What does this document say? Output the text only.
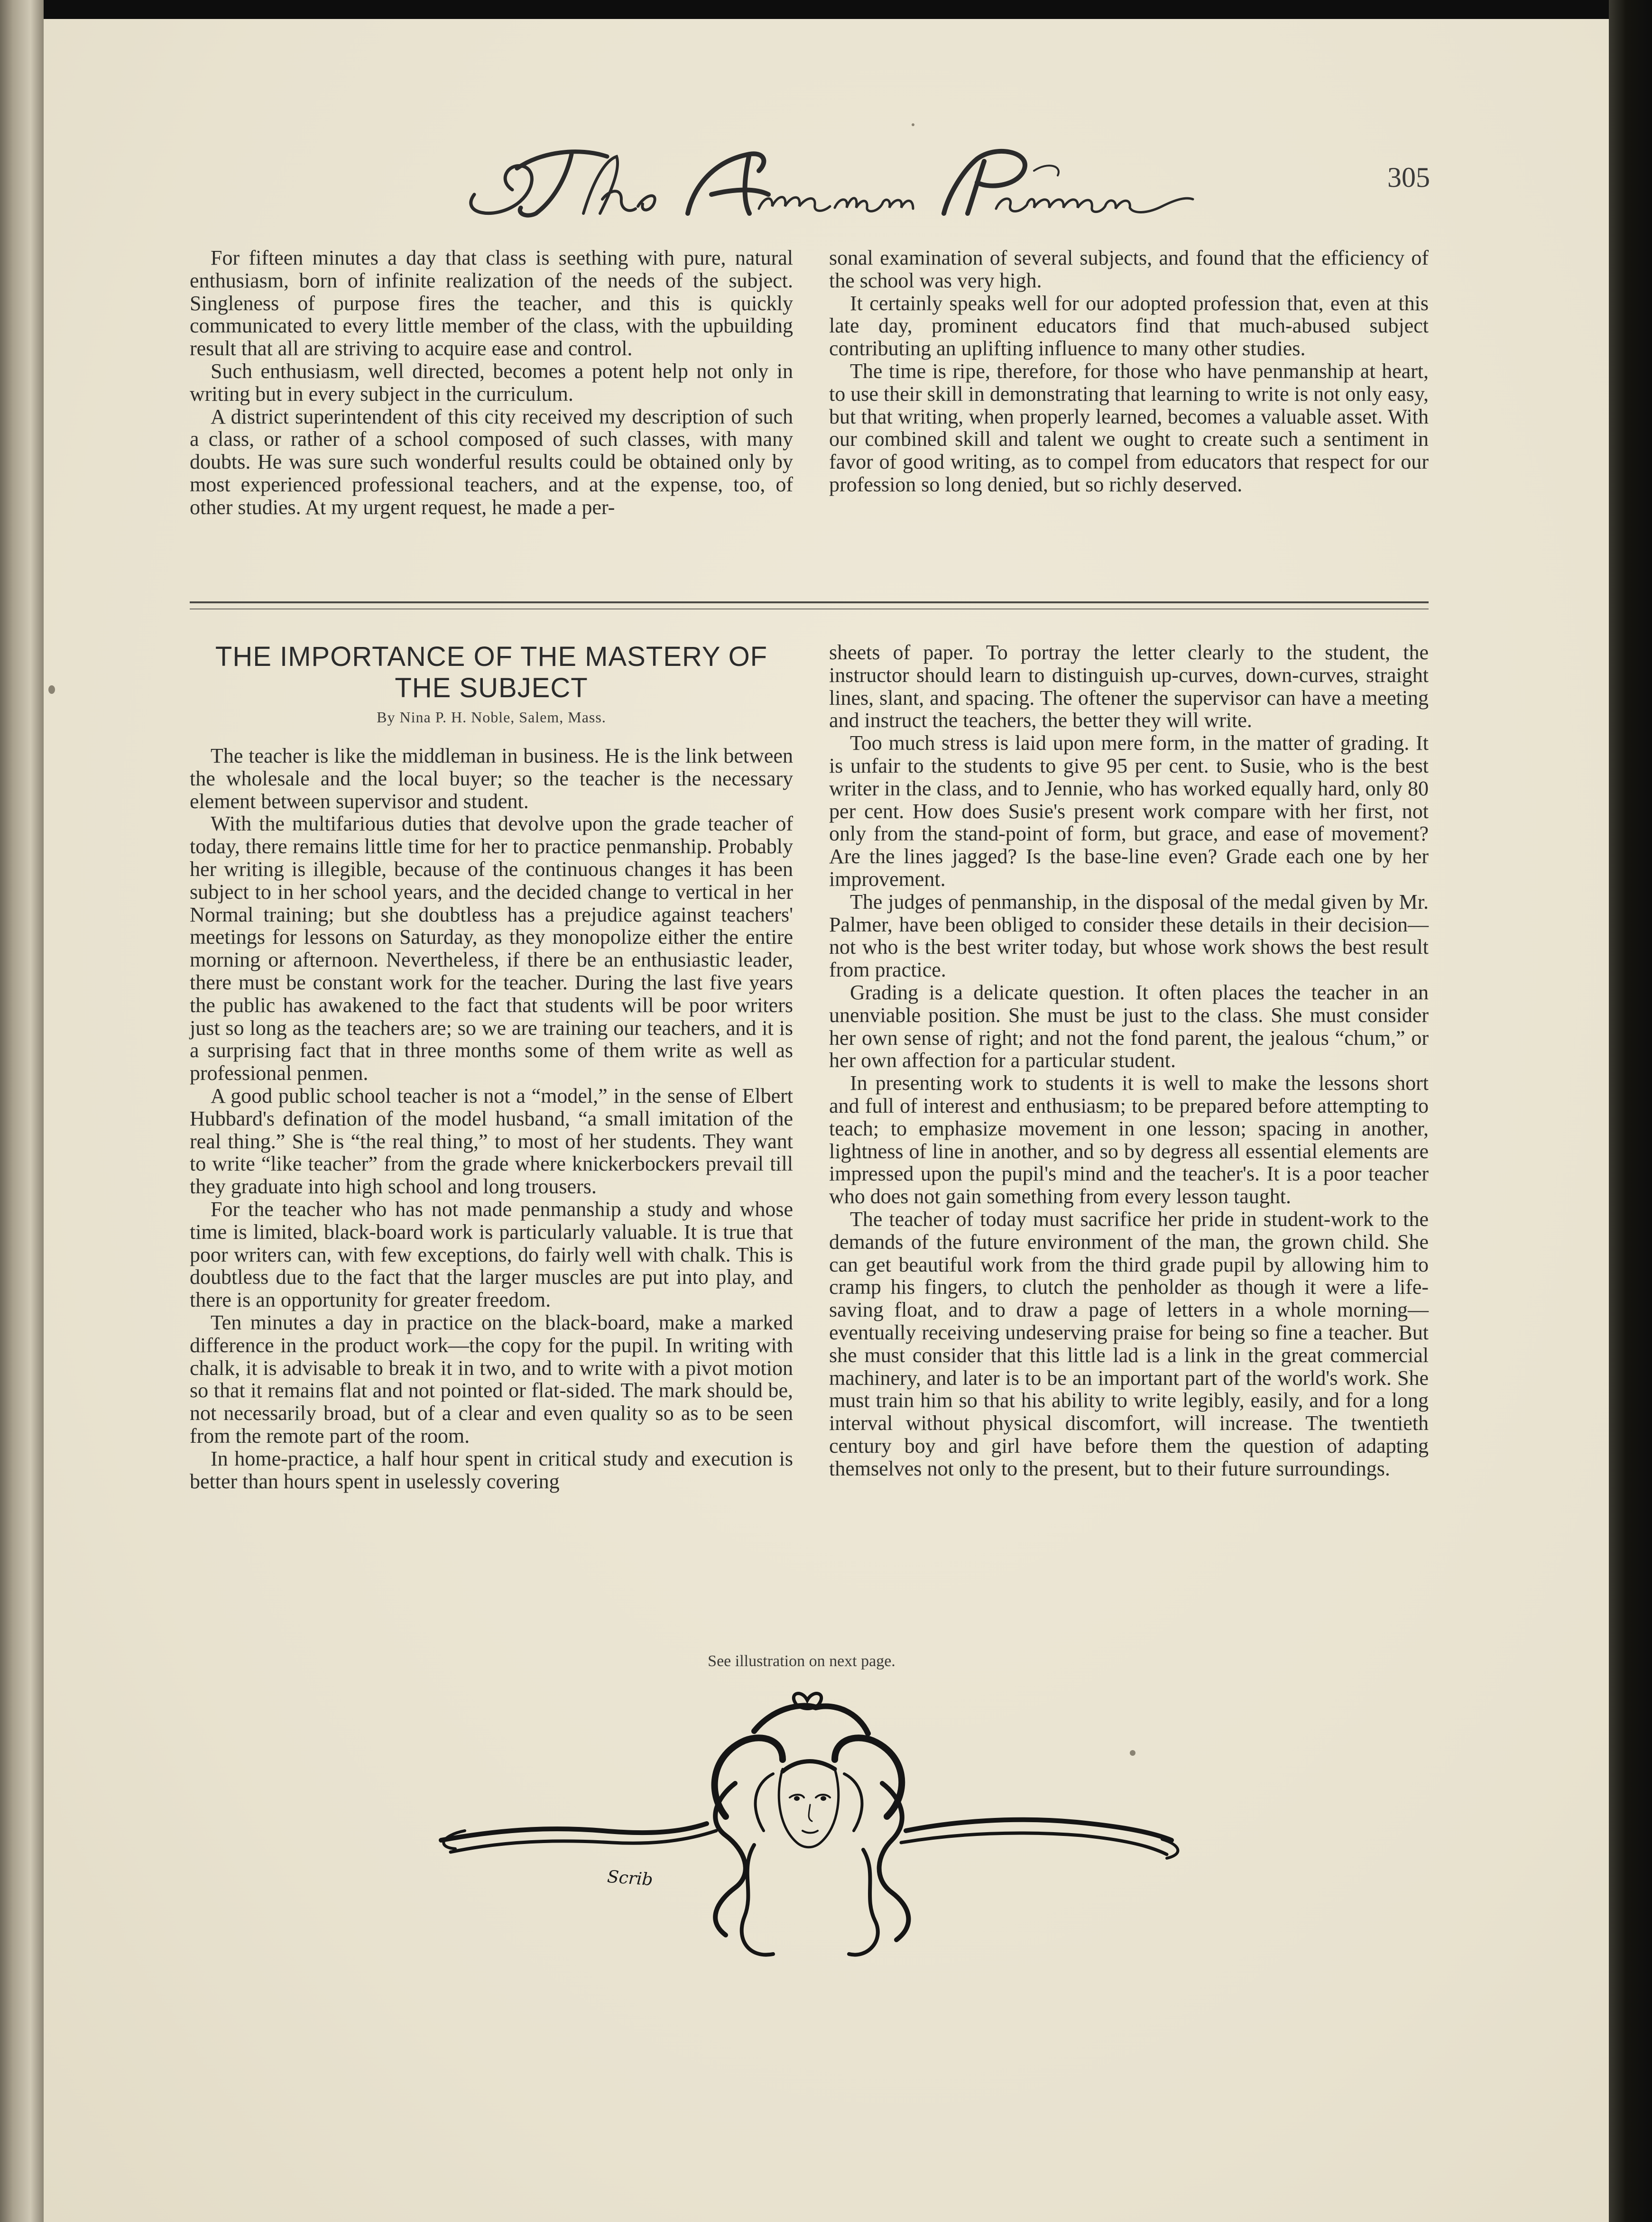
305

For fifteen minutes a day that class is seething with pure, natural enthusiasm, born of infinite realization of the needs of the subject. Singleness of purpose fires the teacher, and this is quickly communicated to every little member of the class, with the upbuilding result that all are striving to acquire ease and control.

Such enthusiasm, well directed, becomes a potent help not only in writing but in every subject in the curriculum.

A district superintendent of this city received my description of such a class, or rather of a school composed of such classes, with many doubts. He was sure such wonderful results could be obtained only by most experienced professional teachers, and at the expense, too, of other studies. At my urgent request, he made a per-

sonal examination of several subjects, and found that the efficiency of the school was very high.

It certainly speaks well for our adopted profession that, even at this late day, prominent educators find that much-abused subject contributing an uplifting influence to many other studies.

The time is ripe, therefore, for those who have penmanship at heart, to use their skill in demonstrating that learning to write is not only easy, but that writing, when properly learned, becomes a valuable asset. With our combined skill and talent we ought to create such a sentiment in favor of good writing, as to compel from educators that respect for our profession so long denied, but so richly deserved.

THE IMPORTANCE OF THE MASTERY OF
THE SUBJECT
By Nina P. H. Noble, Salem, Mass.

The teacher is like the middleman in business. He is the link between the wholesale and the local buyer; so the teacher is the necessary element between supervisor and student.

With the multifarious duties that devolve upon the grade teacher of today, there remains little time for her to practice penmanship. Probably her writing is illegible, because of the continuous changes it has been subject to in her school years, and the decided change to vertical in her Normal training; but she doubtless has a prejudice against teachers' meetings for lessons on Saturday, as they monopolize either the entire morning or afternoon. Nevertheless, if there be an enthusiastic leader, there must be constant work for the teacher. During the last five years the public has awakened to the fact that students will be poor writers just so long as the teachers are; so we are training our teachers, and it is a surprising fact that in three months some of them write as well as professional penmen.

A good public school teacher is not a “model,” in the sense of Elbert Hubbard's defination of the model husband, “a small imitation of the real thing.” She is “the real thing,” to most of her students. They want to write “like teacher” from the grade where knickerbockers prevail till they graduate into high school and long trousers.

For the teacher who has not made penmanship a study and whose time is limited, black-board work is particularly valuable. It is true that poor writers can, with few exceptions, do fairly well with chalk. This is doubtless due to the fact that the larger muscles are put into play, and there is an opportunity for greater freedom.

Ten minutes a day in practice on the black-board, make a marked difference in the product work—the copy for the pupil. In writing with chalk, it is advisable to break it in two, and to write with a pivot motion so that it remains flat and not pointed or flat-sided. The mark should be, not necessarily broad, but of a clear and even quality so as to be seen from the remote part of the room.

In home-practice, a half hour spent in critical study and execution is better than hours spent in uselessly covering

sheets of paper. To portray the letter clearly to the student, the instructor should learn to distinguish up-curves, down-curves, straight lines, slant, and spacing. The oftener the supervisor can have a meeting and instruct the teachers, the better they will write.

Too much stress is laid upon mere form, in the matter of grading. It is unfair to the students to give 95 per cent. to Susie, who is the best writer in the class, and to Jennie, who has worked equally hard, only 80 per cent. How does Susie's present work compare with her first, not only from the stand-point of form, but grace, and ease of movement? Are the lines jagged? Is the base-line even? Grade each one by her improvement.

The judges of penmanship, in the disposal of the medal given by Mr. Palmer, have been obliged to consider these details in their decision—not who is the best writer today, but whose work shows the best result from practice.

Grading is a delicate question. It often places the teacher in an unenviable position. She must be just to the class. She must consider her own sense of right; and not the fond parent, the jealous “chum,” or her own affection for a particular student.

In presenting work to students it is well to make the lessons short and full of interest and enthusiasm; to be prepared before attempting to teach; to emphasize movement in one lesson; spacing in another, lightness of line in another, and so by degress all essential elements are impressed upon the pupil's mind and the teacher's. It is a poor teacher who does not gain something from every lesson taught.

The teacher of today must sacrifice her pride in student-work to the demands of the future environment of the man, the grown child. She can get beautiful work from the third grade pupil by allowing him to cramp his fingers, to clutch the penholder as though it were a life-saving float, and to draw a page of letters in a whole morning—eventually receiving undeserving praise for being so fine a teacher. But she must consider that this little lad is a link in the great commercial machinery, and later is to be an important part of the world's work. She must train him so that his ability to write legibly, easily, and for a long interval without physical discomfort, will increase. The twentieth century boy and girl have before them the question of adapting themselves not only to the present, but to their future surroundings.

See illustration on next page.
Scrib
